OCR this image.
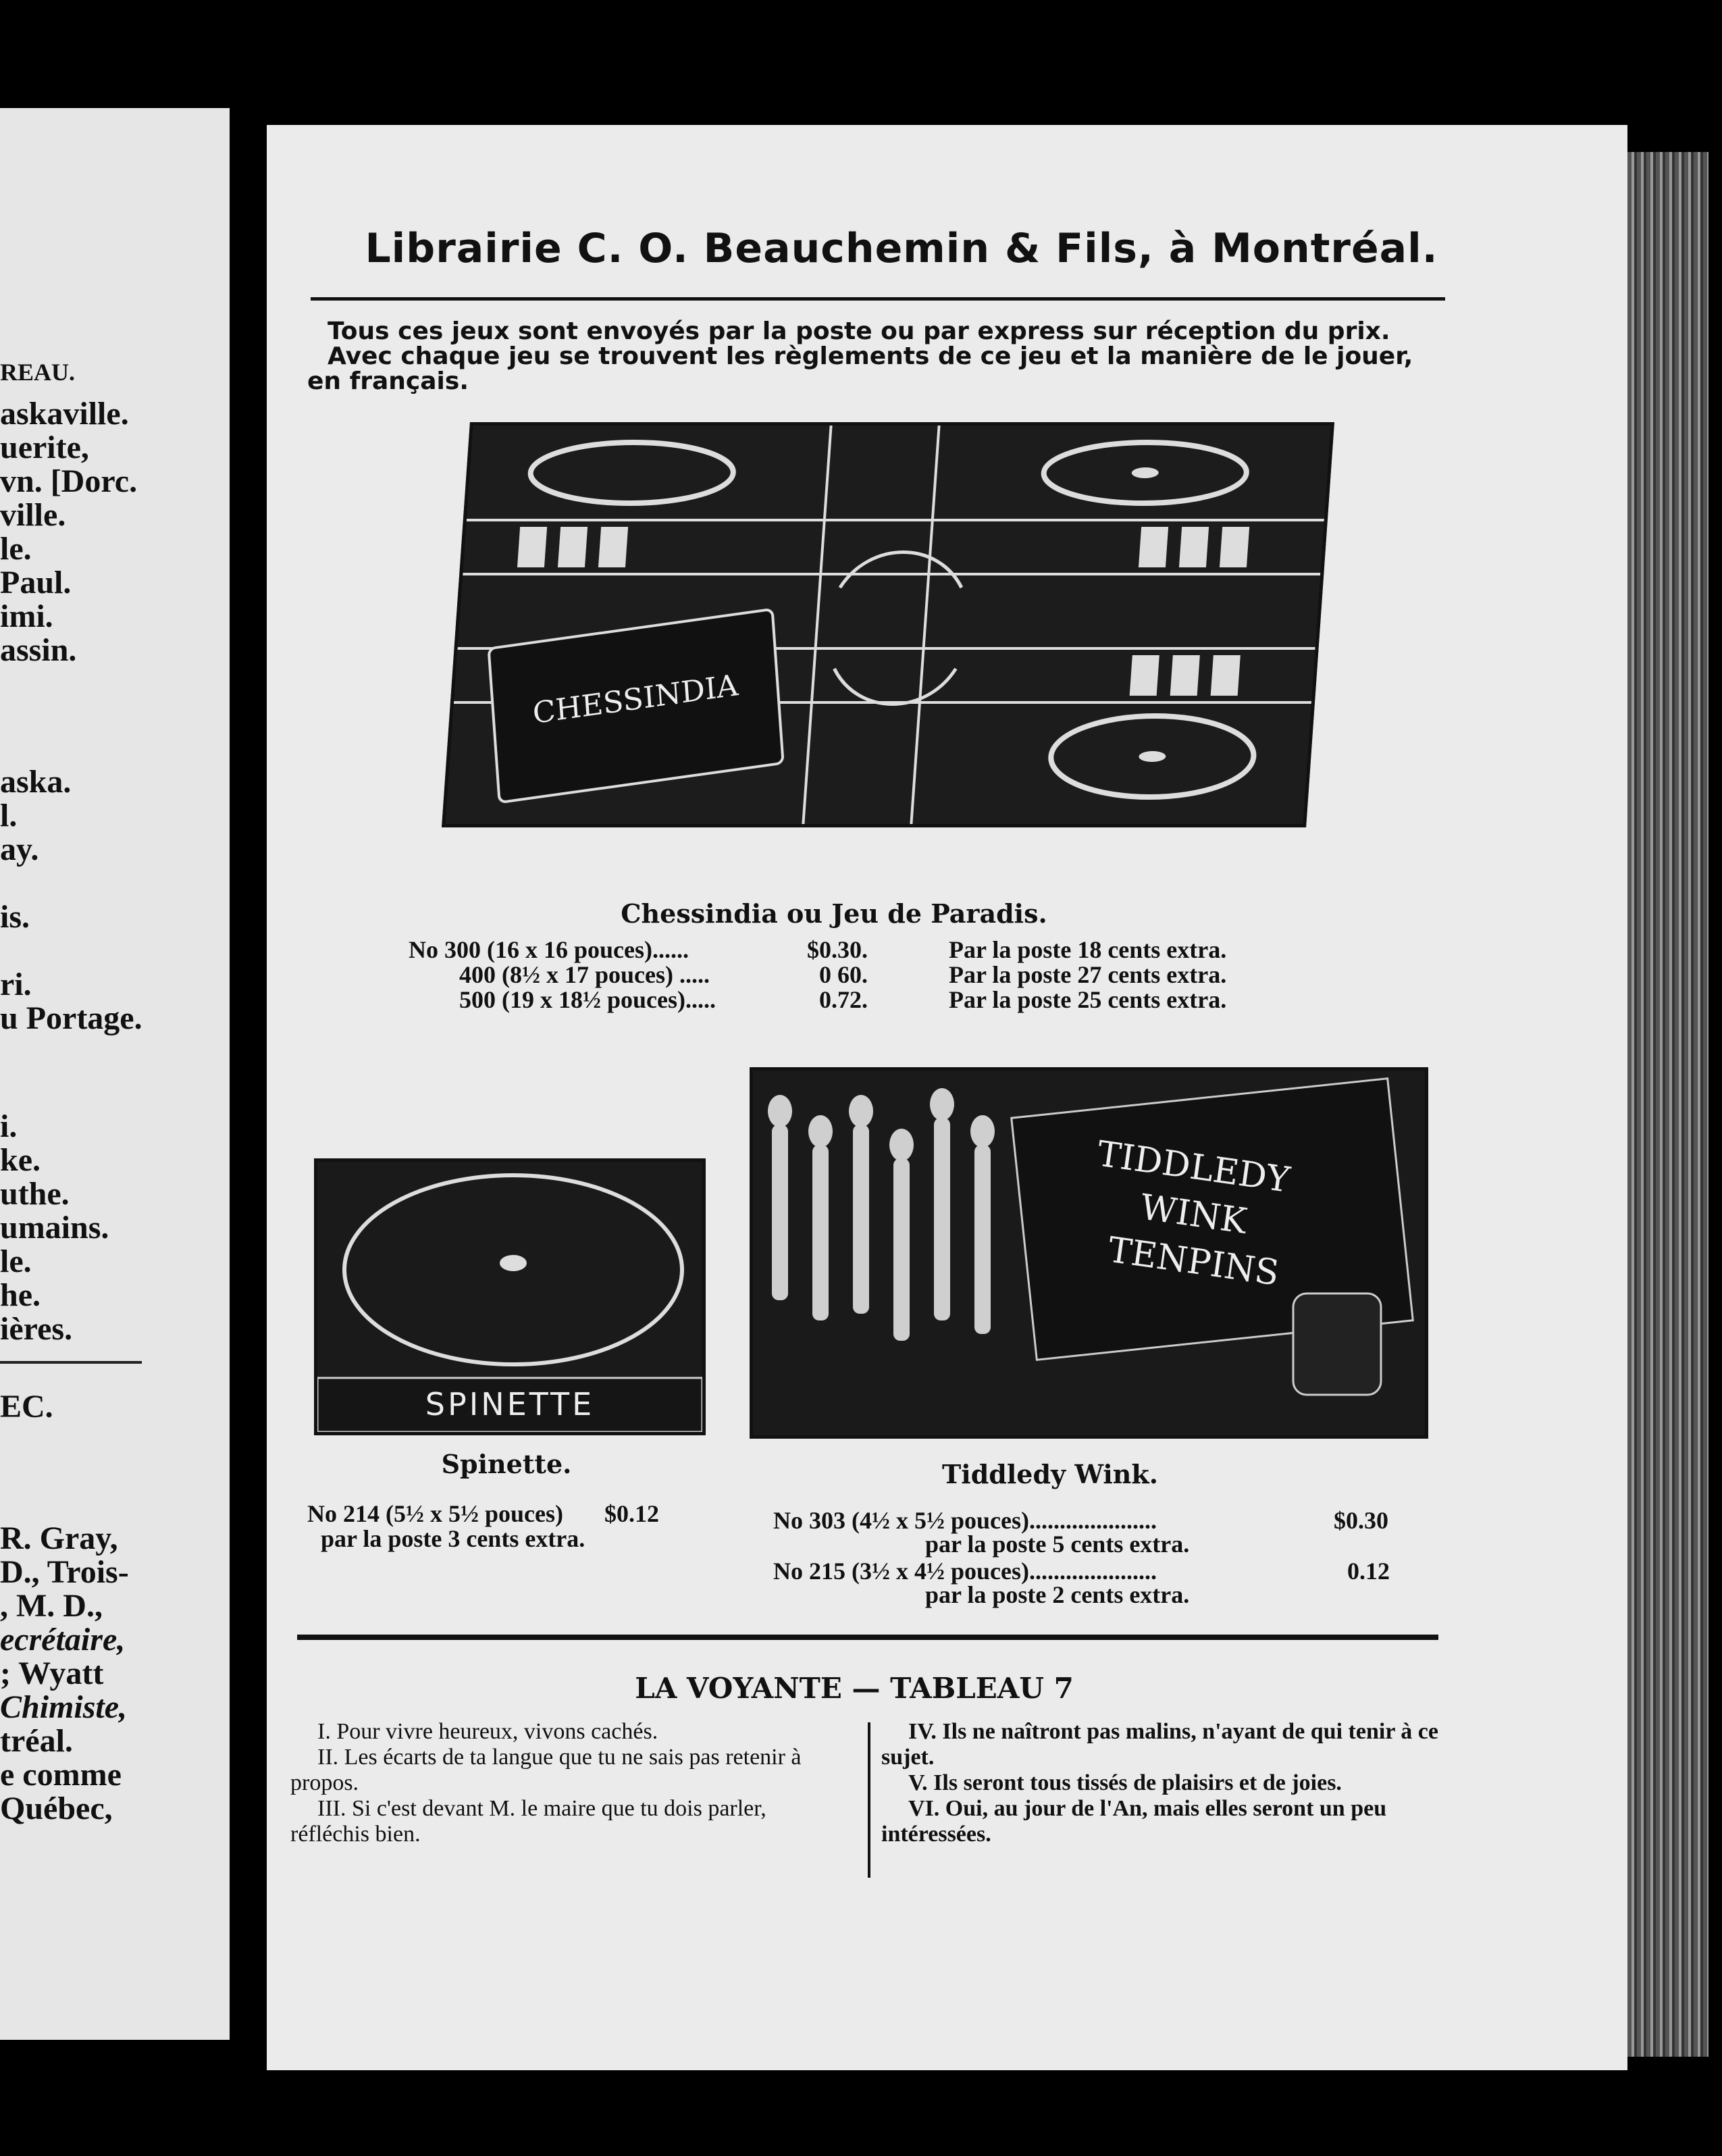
REAU.
askaville.
uerite,
vn. [Dorc.
ville.
le.
Paul.
imi.
assin.
aska.
l.
ay.
is.
ri.
u Portage.
i.
ke.
uthe.
umains.
le.
he.
ières.
EC.
R. Gray,
D., Trois-
, M. D.,
ecrétaire,
; Wyatt
Chimiste,
tréal.
e comme
Québec,
Librairie C. O. Beauchemin & Fils, à Montréal.
Tous ces jeux sont envoyés par la poste ou par express sur réception du prix.
Avec chaque jeu se trouvent les règlements de ce jeu et la manière de le jouer,
en français.
CHESSINDIA
Chessindia ou Jeu de Paradis.
No 300 (16 x 16 pouces)......	$0.30.	Par la poste 18 cents extra.
400 (8½ x 17 pouces) .....	0 60.	Par la poste 27 cents extra.
500 (19 x 18½ pouces).....	0.72.	Par la poste 25 cents extra.
SPINETTE
TIDDLEDY
WINK
TENPINS
Spinette.	Tiddledy Wink.
No 214 (5½ x 5½ pouces) $0.12
par la poste 3 cents extra.
No 303 (4½ x 5½ pouces).....................	$0.30
par la poste 5 cents extra.
No 215 (3½ x 4½ pouces).....................	0.12
par la poste 2 cents extra.
LA VOYANTE — TABLEAU 7

I. Pour vivre heureux, vivons cachés.

II. Les écarts de ta langue que tu ne sais pas retenir à propos.

III. Si c'est devant M. le maire que tu dois parler, réfléchis bien.

IV. Ils ne naîtront pas malins, n'ayant de qui tenir à ce sujet.

V. Ils seront tous tissés de plaisirs et de joies.

VI. Oui, au jour de l'An, mais elles seront un peu intéressées.
